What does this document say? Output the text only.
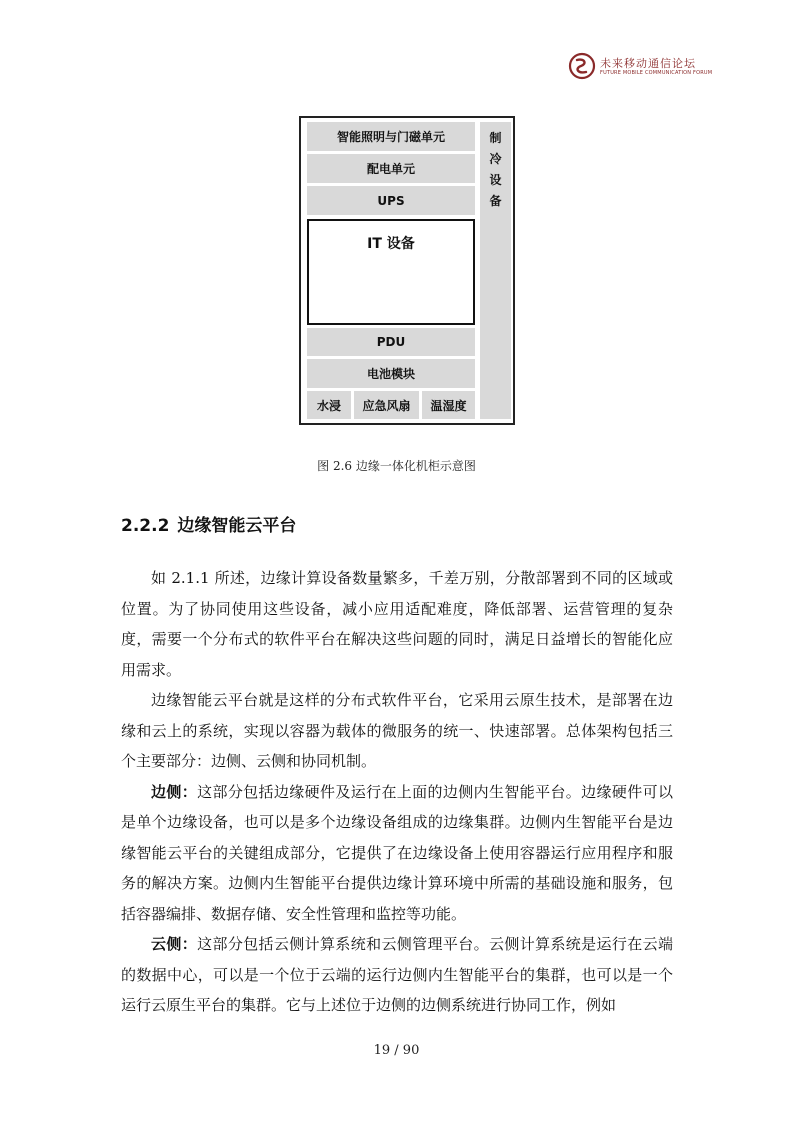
未来移动通信论坛
FUTURE MOBILE COMMUNICATION FORUM
智能照明与门磁单元
配电单元
UPS
IT 设备
PDU
电池模块
水浸	应急风扇	温湿度
制
冷
设
备
图 2.6 边缘一体化机柜示意图
2.2.2 边缘智能云平台

如 2.1.1 所述，边缘计算设备数量繁多，千差万别，分散部署到不同的区域或位置。为了协同使用这些设备，减小应用适配难度，降低部署、运营管理的复杂度，需要一个分布式的软件平台在解决这些问题的同时，满足日益增长的智能化应用需求。

边缘智能云平台就是这样的分布式软件平台，它采用云原生技术，是部署在边缘和云上的系统，实现以容器为载体的微服务的统一、快速部署。总体架构包括三个主要部分：边侧、云侧和协同机制。

边侧：这部分包括边缘硬件及运行在上面的边侧内生智能平台。边缘硬件可以是单个边缘设备，也可以是多个边缘设备组成的边缘集群。边侧内生智能平台是边缘智能云平台的关键组成部分，它提供了在边缘设备上使用容器运行应用程序和服务的解决方案。边侧内生智能平台提供边缘计算环境中所需的基础设施和服务，包括容器编排、数据存储、安全性管理和监控等功能。

云侧：这部分包括云侧计算系统和云侧管理平台。云侧计算系统是运行在云端的数据中心，可以是一个位于云端的运行边侧内生智能平台的集群，也可以是一个运行云原生平台的集群。它与上述位于边侧的边侧系统进行协同工作，例如

19 / 90
